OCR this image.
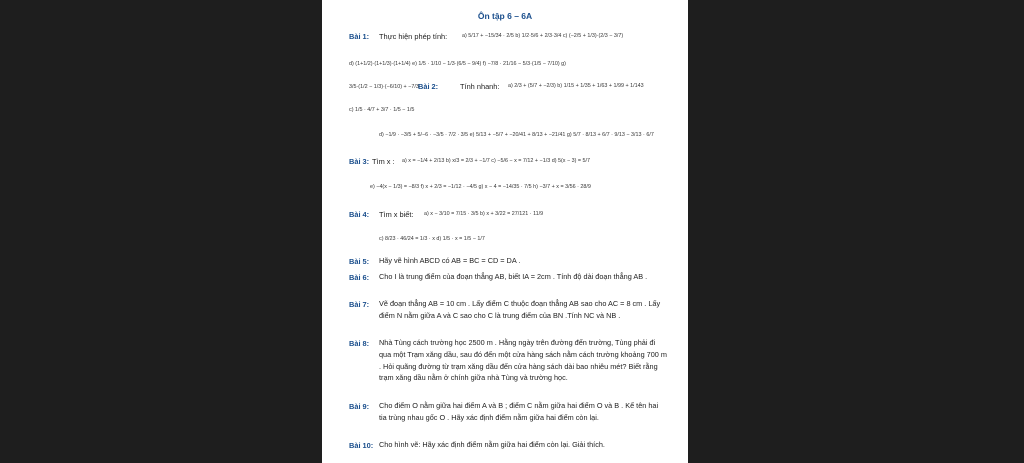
Ôn tập 6 – 6A
Bài 1: Thực hiện phép tính:	a) 5/17 + −15/34 · 2/5 b) 1/2·5/6 + 2/3·3/4 c) (−2/5 + 1/3)·(2/3 − 3/7)
d) (1+1/2)·(1+1/3)·(1+1/4) e) 1/5 · 1/10 − 1/3·(6/5 − 9/4) f) −7/8 · 21/16 − 5/3·(1/5 − 7/10) g)
3/5·(1/2 − 1/3)·(−6/10) + −7/3 Bài 2:	Tính nhanh: a) 2/3 + (5/7 + −2/3) b) 1/15 + 1/35 + 1/63 + 1/99 + 1/143
c) 1/5 · 4/7 + 3/7 · 1/5 − 1/5
d) −1/9 · −3/5 + 5/−6 · −3/5 · 7/2 · 3/5 e) 5/13 + −5/7 + −20/41 + 8/13 + −21/41 g) 5/7 · 8/13 + 6/7 · 9/13 − 3/13 · 6/7
Bài 3: Tìm x : a) x = −1/4 + 2/13 b) x/3 = 2/3 + −1/7 c) −5/6 − x = 7/12 + −1/3 d) 5(x − 3) = 5/7
e) −4(x − 1/3) = −8/3 f) x + 2/3 = −1/12 · −4/5 g) x − 4 = −14/35 · 7/5 h) −3/7 + x = 3/56 · 28/9
Bài 4: Tìm x biết: a) x − 3/10 = 7/15 · 3/5 b) x + 3/22 = 27/121 · 11/9
c) 8/23 · 46/24 = 1/3 · x d) 1/5 · x = 1/5 − 1/7
Bài 5: Hãy vẽ hình ABCD có AB = BC = CD = DA .
Bài 6: Cho I là trung điểm của đoạn thẳng AB, biết IA = 2cm . Tính độ dài đoạn thẳng AB .
Bài 7: Vẽ đoạn thẳng AB = 10 cm . Lấy điểm C thuộc đoạn thẳng AB sao cho AC = 8 cm . Lấy điểm N nằm giữa A và C sao cho C là trung điểm của BN .Tính NC và NB .
Bài 8: Nhà Tùng cách trường học 2500 m . Hằng ngày trên đường đến trường, Tùng phải đi qua một Trạm xăng dầu, sau đó đến một cửa hàng sách nằm cách trường khoảng 700 m . Hỏi quãng đường từ trạm xăng dầu đến cửa hàng sách dài bao nhiêu mét? Biết rằng trạm xăng dầu nằm ở chính giữa nhà Tùng và trường học.
Bài 9: Cho điểm O nằm giữa hai điểm A và B ; điểm C nằm giữa hai điểm O và B . Kể tên hai tia trùng nhau gốc O . Hãy xác định điểm nằm giữa hai điểm còn lại.
Bài 10: Cho hình vẽ: Hãy xác định điểm nằm giữa hai điểm còn lại. Giải thích.
